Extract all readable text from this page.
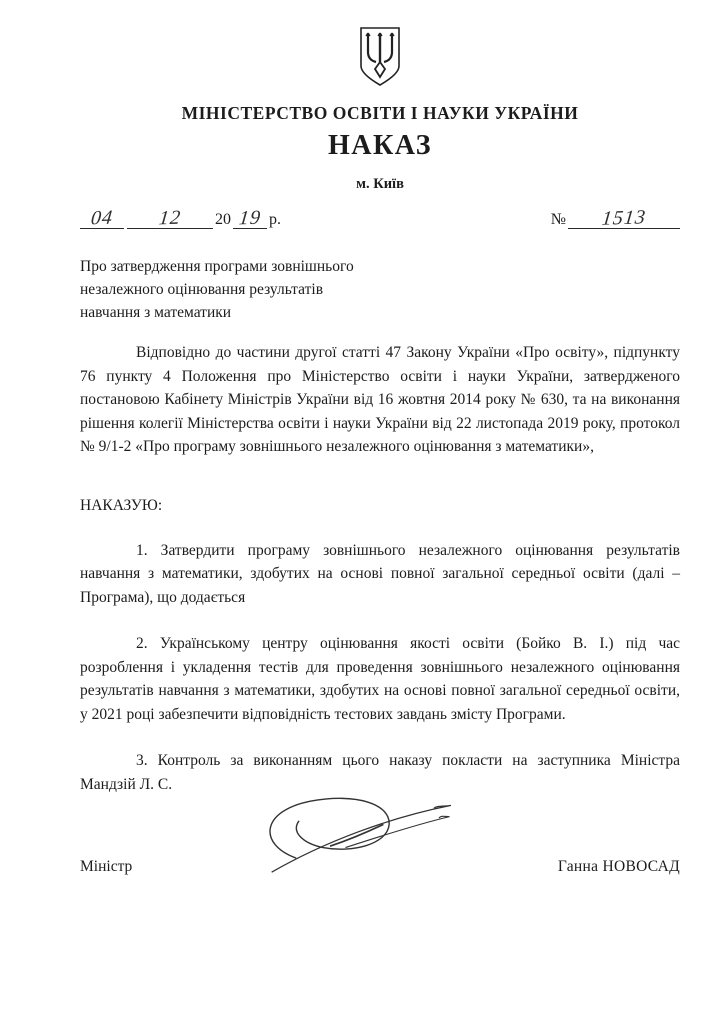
МІНІСТЕРСТВО ОСВІТИ І НАУКИ УКРАЇНИ
НАКАЗ
м. Київ
04	12	20 19 р.	№	1513
Про затвердження програми зовнішнього незалежного оцінювання результатів навчання з математики
Відповідно до частини другої статті 47 Закону України «Про освіту», підпункту 76 пункту 4 Положення про Міністерство освіти і науки України, затвердженого постановою Кабінету Міністрів України від 16 жовтня 2014 року № 630, та на виконання рішення колегії Міністерства освіти і науки України від 22 листопада 2019 року, протокол № 9/1-2 «Про програму зовнішнього незалежного оцінювання з математики»,
НАКАЗУЮ:
1. Затвердити програму зовнішнього незалежного оцінювання результатів навчання з математики, здобутих на основі повної загальної середньої освіти (далі – Програма), що додається
2. Українському центру оцінювання якості освіти (Бойко В. І.) під час розроблення і укладення тестів для проведення зовнішнього незалежного оцінювання результатів навчання з математики, здобутих на основі повної загальної середньої освіти, у 2021 році забезпечити відповідність тестових завдань змісту Програми.
3. Контроль за виконанням цього наказу покласти на заступника Міністра Мандзій Л. С.
Міністр	Ганна НОВОСАД
